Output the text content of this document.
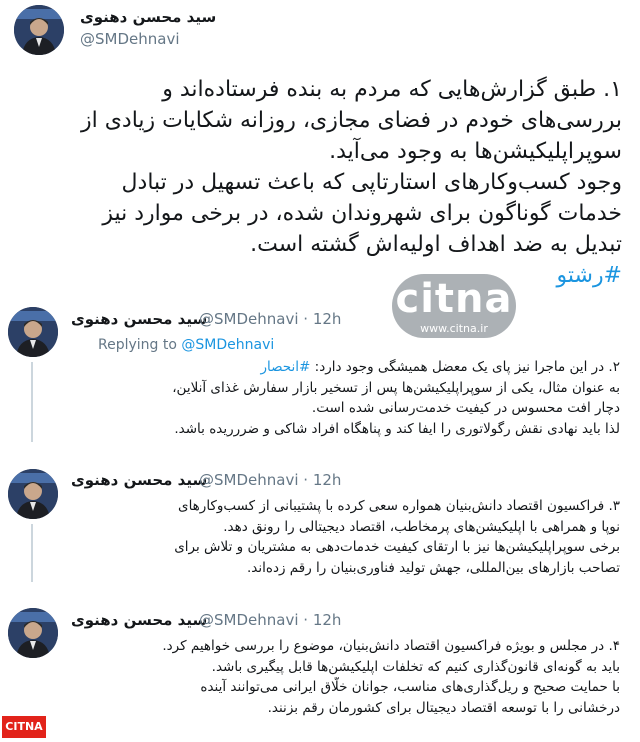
سید محسن دهنوی
@SMDehnavi
۱. طبق گزارش‌هایی که مردم به بنده فرستاده‌اند و
بررسی‌های خودم در فضای مجازی، روزانه شکایات زیادی از
سوپراپلیکیشن‌ها به وجود می‌آید.
وجود کسب‌وکارهای استارتاپی که باعث تسهیل در تبادل
خدمات گوناگون برای شهروندان شده، در برخی موارد نیز
تبدیل به ضد اهداف اولیه‌اش گشته است.
#رشتو
citna
www.citna.ir
سید محسن دهنوی
@SMDehnavi · 12h
Replying to @SMDehnavi
۲. در این ماجرا نیز پای یک معضل همیشگی وجود دارد: #انحصار
به عنوان مثال، یکی از سوپراپلیکیشن‌ها پس از تسخیر بازار سفارش غذای آنلاین،
دچار افت محسوس در کیفیت خدمت‌رسانی شده است.
لذا باید نهادی نقش رگولاتوری را ایفا کند و پناهگاه افراد شاکی و ضررریده باشد.
سید محسن دهنوی
@SMDehnavi · 12h
۳. فراکسیون اقتصاد دانش‌بنیان همواره سعی کرده با پشتیبانی از کسب‌وکارهای
نوپا و همراهی با اپلیکیشن‌های پرمخاطب، اقتصاد دیجیتالی را رونق دهد.
برخی سوپراپلیکیشن‌ها نیز با ارتقای کیفیت خدمات‌دهی به مشتریان و تلاش برای
تصاحب بازارهای بین‌المللی، جهش تولید فناوری‌بنیان را رقم زده‌اند.
سید محسن دهنوی
@SMDehnavi · 12h
۴. در مجلس و بویژه فراکسیون اقتصاد دانش‌بنیان، موضوع را بررسی خواهیم کرد.
باید به گونه‌ای قانون‌گذاری کنیم که تخلفات اپلیکیشن‌ها قابل پیگیری باشد.
با حمایت صحیح و ریل‌گذاری‌های مناسب، جوانان خلّاق ایرانی می‌توانند آینده
درخشانی را با توسعه اقتصاد دیجیتال برای کشورمان رقم بزنند.
CITNA
